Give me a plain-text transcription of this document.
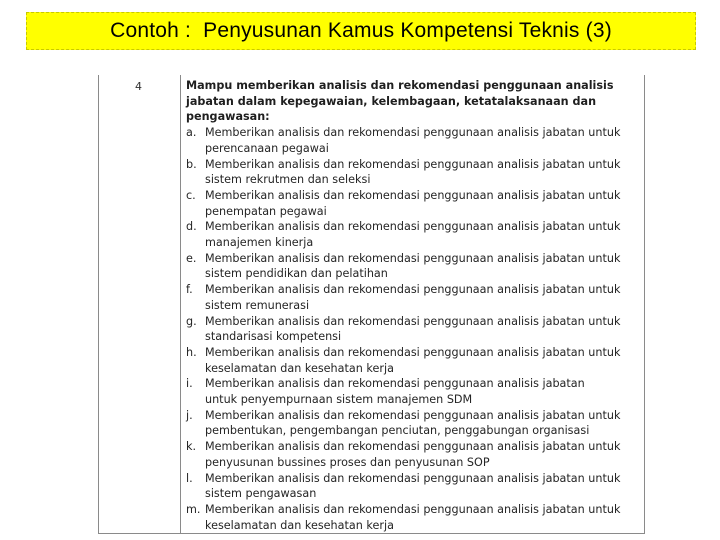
Contoh :  Penyusunan Kamus Kompetensi Teknis (3)
4	Mampu memberikan analisis dan rekomendasi penggunaan analisis jabatan dalam kepegawaian, kelembagaan, ketatalaksanaan dan pengawasan:
a. Memberikan analisis dan rekomendasi penggunaan analisis jabatan untuk
perencanaan pegawai
b. Memberikan analisis dan rekomendasi penggunaan analisis jabatan untuk
sistem rekrutmen dan seleksi
c. Memberikan analisis dan rekomendasi penggunaan analisis jabatan untuk
penempatan pegawai
d. Memberikan analisis dan rekomendasi penggunaan analisis jabatan untuk
manajemen kinerja
e. Memberikan analisis dan rekomendasi penggunaan analisis jabatan untuk
sistem pendidikan dan pelatihan
f.	Memberikan analisis dan rekomendasi penggunaan analisis jabatan untuk
sistem remunerasi
g. Memberikan analisis dan rekomendasi penggunaan analisis jabatan untuk
standarisasi kompetensi
h. Memberikan analisis dan rekomendasi penggunaan analisis jabatan untuk
keselamatan dan kesehatan kerja
i.	Memberikan analisis dan rekomendasi penggunaan analisis jabatan
untuk penyempurnaan sistem manajemen SDM
j.	Memberikan analisis dan rekomendasi penggunaan analisis jabatan untuk
pembentukan, pengembangan penciutan, penggabungan organisasi
k. Memberikan analisis dan rekomendasi penggunaan analisis jabatan untuk
penyusunan bussines proses dan penyusunan SOP
l.	Memberikan analisis dan rekomendasi penggunaan analisis jabatan untuk
sistem pengawasan
m. Memberikan analisis dan rekomendasi penggunaan analisis jabatan untuk
keselamatan dan kesehatan kerja
